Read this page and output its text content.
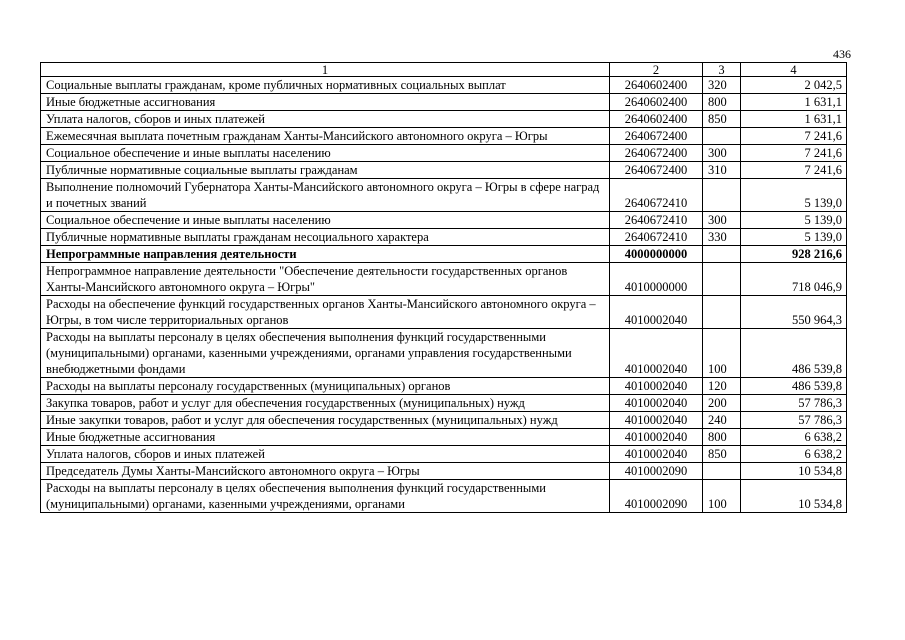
436
1	2	3	4
Социальные выплаты гражданам, кроме публичных нормативных социальных выплат	2640602400	320	2 042,5
Иные бюджетные ассигнования	2640602400	800	1 631,1
Уплата налогов, сборов и иных платежей	2640602400	850	1 631,1
Ежемесячная выплата почетным гражданам Ханты-Мансийского автономного округа – Югры	2640672400		7 241,6
Социальное обеспечение и иные выплаты населению	2640672400	300	7 241,6
Публичные нормативные социальные выплаты гражданам	2640672400	310	7 241,6
Выполнение полномочий Губернатора Ханты-Мансийского автономного округа – Югры в сфере наград и почетных званий	2640672410		5 139,0
Социальное обеспечение и иные выплаты населению	2640672410	300	5 139,0
Публичные нормативные выплаты гражданам несоциального характера	2640672410	330	5 139,0
Непрограммные направления деятельности	4000000000		928 216,6
Непрограммное направление деятельности "Обеспечение деятельности государственных органов Ханты-Мансийского автономного округа – Югры"	4010000000		718 046,9
Расходы на обеспечение функций государственных органов Ханты-Мансийского автономного округа – Югры, в том числе территориальных органов	4010002040		550 964,3
Расходы на выплаты персоналу в целях обеспечения выполнения функций государственными (муниципальными) органами, казенными учреждениями, органами управления государственными внебюджетными фондами	4010002040	100	486 539,8
Расходы на выплаты персоналу государственных (муниципальных) органов	4010002040	120	486 539,8
Закупка товаров, работ и услуг для обеспечения государственных (муниципальных) нужд	4010002040	200	57 786,3
Иные закупки товаров, работ и услуг для обеспечения государственных (муниципальных) нужд	4010002040	240	57 786,3
Иные бюджетные ассигнования	4010002040	800	6 638,2
Уплата налогов, сборов и иных платежей	4010002040	850	6 638,2
Председатель Думы Ханты-Мансийского автономного округа – Югры	4010002090		10 534,8
Расходы на выплаты персоналу в целях обеспечения выполнения функций государственными (муниципальными) органами, казенными учреждениями, органами	4010002090	100	10 534,8
